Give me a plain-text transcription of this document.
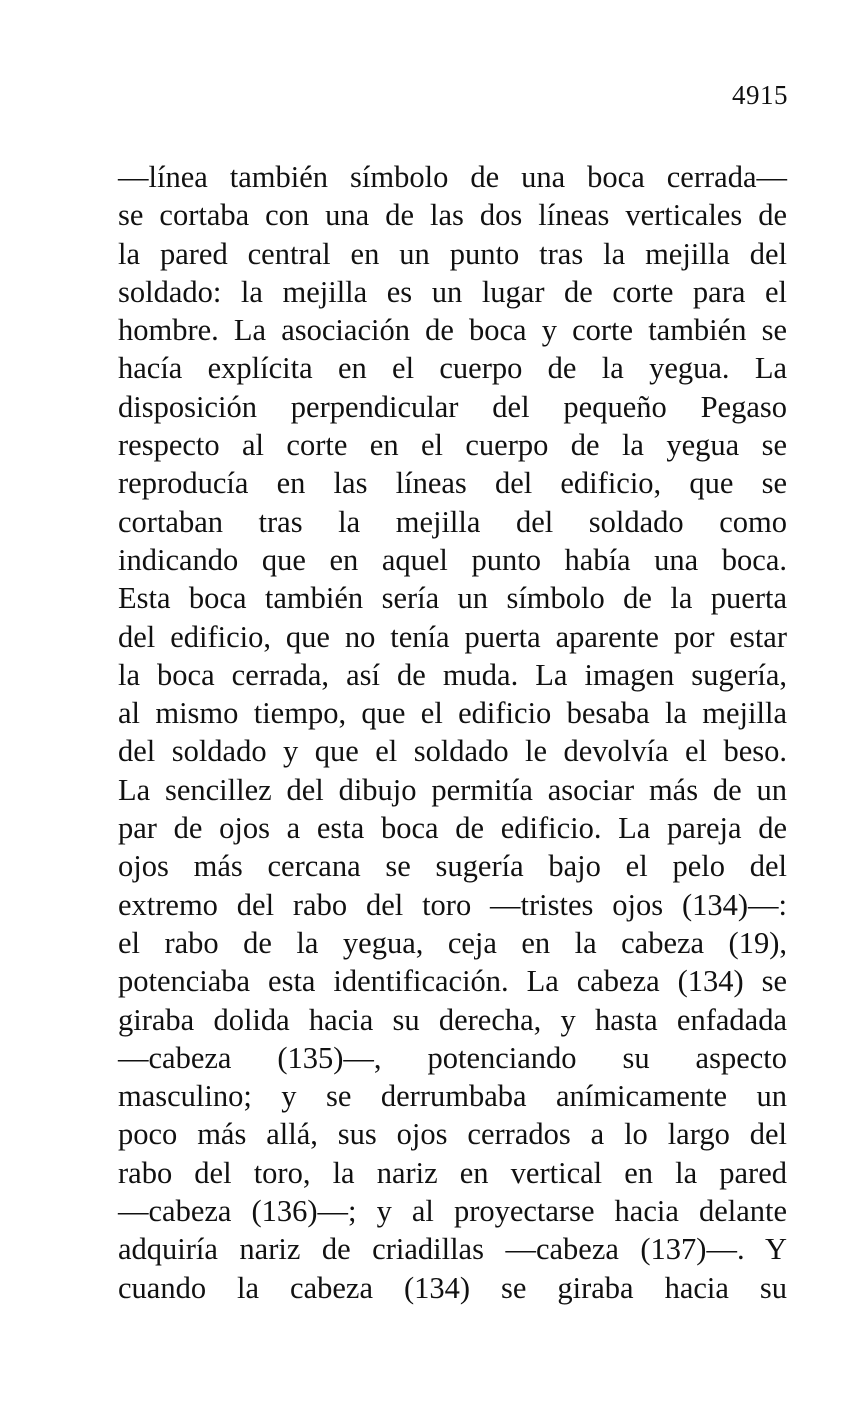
4915
—línea también símbolo de una boca cerrada—
se cortaba con una de las dos líneas verticales de
la pared central en un punto tras la mejilla del
soldado: la mejilla es un lugar de corte para el
hombre. La asociación de boca y corte también se
hacía explícita en el cuerpo de la yegua. La
disposición perpendicular del pequeño Pegaso
respecto al corte en el cuerpo de la yegua se
reproducía en las líneas del edificio, que se
cortaban tras la mejilla del soldado como
indicando que en aquel punto había una boca.
Esta boca también sería un símbolo de la puerta
del edificio, que no tenía puerta aparente por estar
la boca cerrada, así de muda. La imagen sugería,
al mismo tiempo, que el edificio besaba la mejilla
del soldado y que el soldado le devolvía el beso.
La sencillez del dibujo permitía asociar más de un
par de ojos a esta boca de edificio. La pareja de
ojos más cercana se sugería bajo el pelo del
extremo del rabo del toro —tristes ojos (134)—:
el rabo de la yegua, ceja en la cabeza (19),
potenciaba esta identificación. La cabeza (134) se
giraba dolida hacia su derecha, y hasta enfadada
—cabeza (135)—, potenciando su aspecto
masculino; y se derrumbaba anímicamente un
poco más allá, sus ojos cerrados a lo largo del
rabo del toro, la nariz en vertical en la pared
—cabeza (136)—; y al proyectarse hacia delante
adquiría nariz de criadillas —cabeza (137)—. Y
cuando la cabeza (134) se giraba hacia su
